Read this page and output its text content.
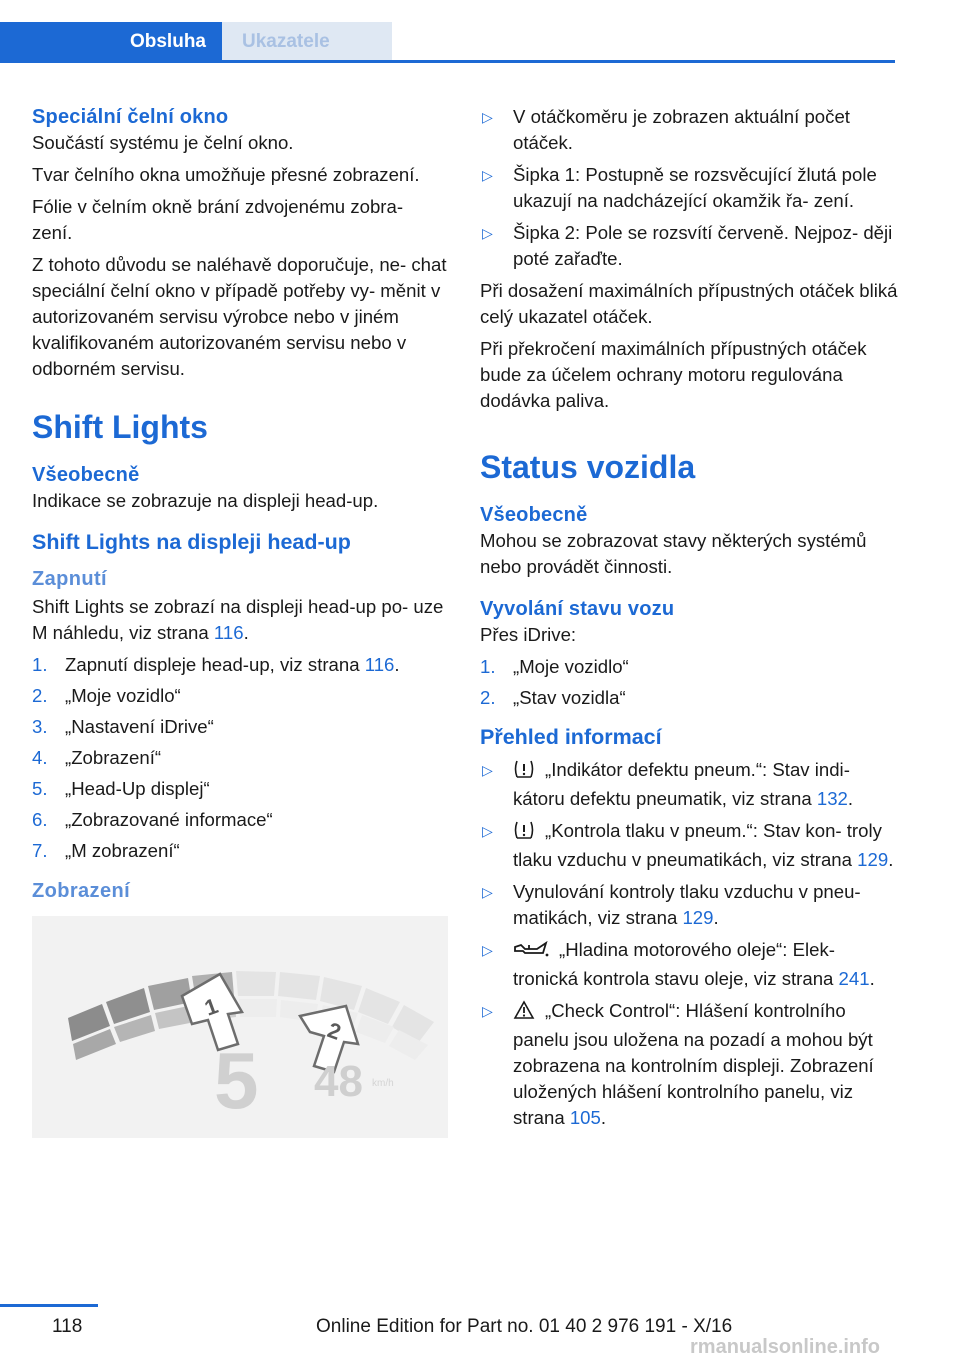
Obsluha	Ukazatele
Speciální čelní okno

Součástí systému je čelní okno.

Tvar čelního okna umožňuje přesné zobrazení.

Fólie v čelním okně brání zdvojenému zobra‐ zení.

Z tohoto důvodu se naléhavě doporučuje, ne‐ chat speciální čelní okno v případě potřeby vy‐ měnit v autorizovaném servisu výrobce nebo v jiném kvalifikovaném autorizovaném servisu nebo v odborném servisu.

Shift Lights
Všeobecně

Indikace se zobrazuje na displeji head-up.

Shift Lights na displeji head-up
Zapnutí

Shift Lights se zobrazí na displeji head-up po‐ uze M náhledu, viz strana 116.

1. Zapnutí displeje head-up, viz strana 116.
2. „Moje vozidlo“
3. „Nastavení iDrive“
4. „Zobrazení“
5. „Head-Up displej“
6. „Zobrazované informace“
7. „M zobrazení“
Zobrazení
1
2
5 48 km/h
▷ V otáčkoměru je zobrazen aktuální počet otáček.
▷ Šipka 1: Postupně se rozsvěcující žlutá pole ukazují na nadcházející okamžik řa‐ zení.
▷ Šipka 2: Pole se rozsvítí červeně. Nejpoz‐ ději poté zařaďte.

Při dosažení maximálních přípustných otáček bliká celý ukazatel otáček.

Při překročení maximálních přípustných otáček bude za účelem ochrany motoru regulována dodávka paliva.

Status vozidla
Všeobecně

Mohou se zobrazovat stavy některých systémů nebo provádět činnosti.

Vyvolání stavu vozu

Přes iDrive:

1. „Moje vozidlo“
2. „Stav vozidla“
Přehled informací
▷	„Indikátor defektu pneum.“: Stav indi‐ kátoru defektu pneumatik, viz strana 132.
▷	„Kontrola tlaku v pneum.“: Stav kon‐ troly tlaku vzduchu v pneumatikách, viz strana 129.
▷ Vynulování kontroly tlaku vzduchu v pneu‐ matikách, viz strana 129.
▷	„Hladina motorového oleje“: Elek‐ tronická kontrola stavu oleje, viz strana 241.
▷	„Check Control“: Hlášení kontrolního panelu jsou uložena na pozadí a mohou být zobrazena na kontrolním displeji. Zobrazení uložených hlášení kontrolního panelu, viz strana 105.
118	Online Edition for Part no. 01 40 2 976 191 - X/16
rmanualsonline.info
